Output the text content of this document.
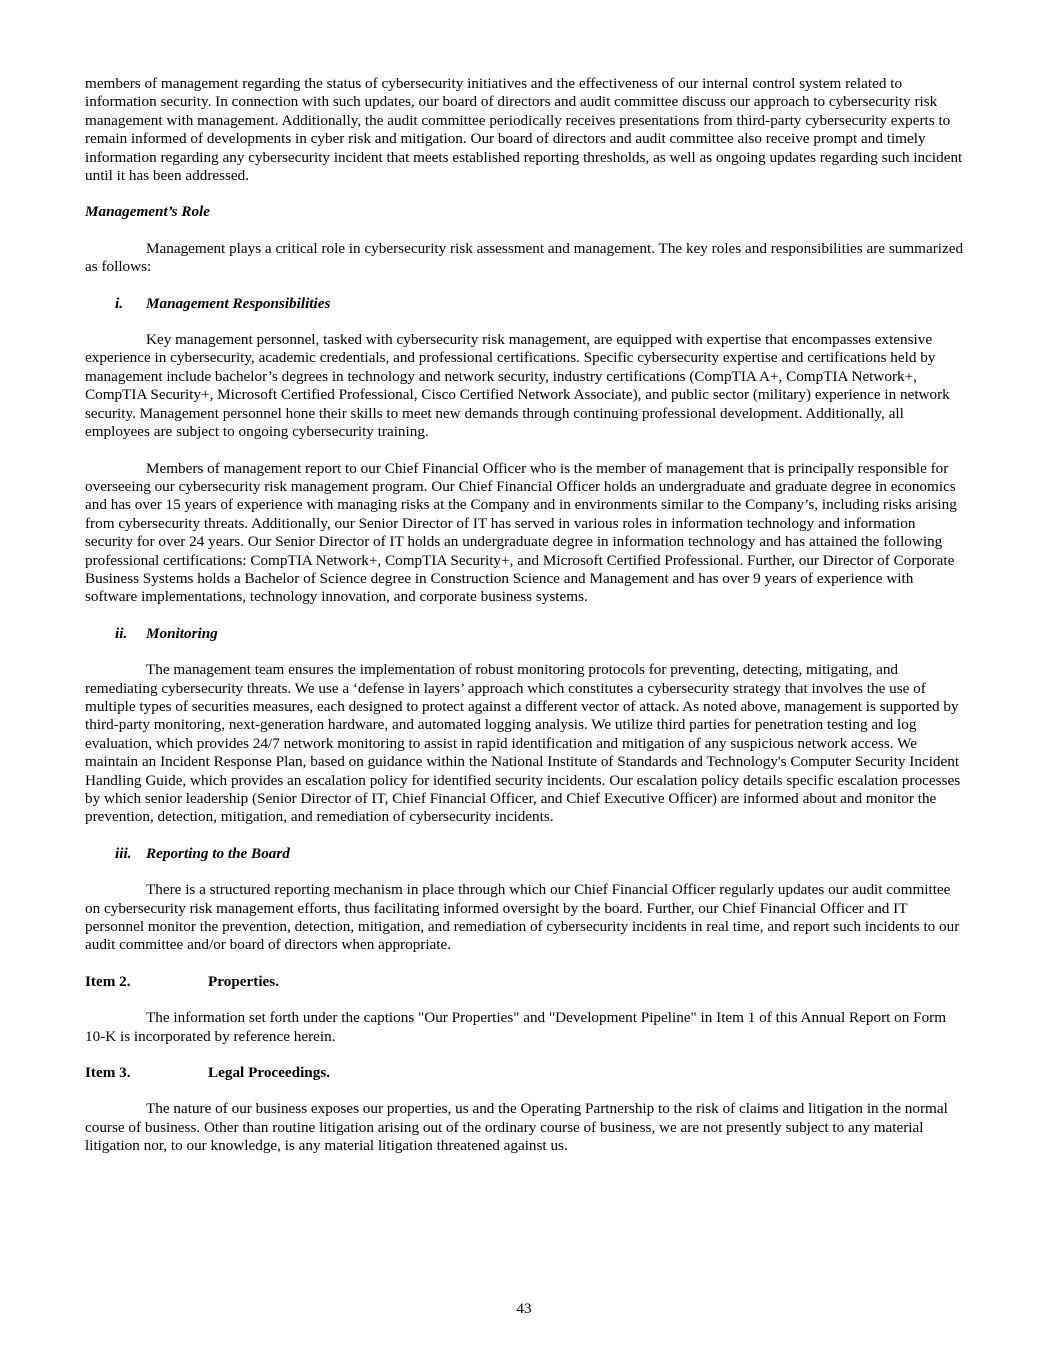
members of management regarding the status of cybersecurity initiatives and the effectiveness of our internal control system related to information security. In connection with such updates, our board of directors and audit committee discuss our approach to cybersecurity risk management with management. Additionally, the audit committee periodically receives presentations from third-party cybersecurity experts to remain informed of developments in cyber risk and mitigation. Our board of directors and audit committee also receive prompt and timely information regarding any cybersecurity incident that meets established reporting thresholds, as well as ongoing updates regarding such incident until it has been addressed.

Management’s Role

Management plays a critical role in cybersecurity risk assessment and management. The key roles and responsibilities are summarized as follows:

i.	Management Responsibilities

Key management personnel, tasked with cybersecurity risk management, are equipped with expertise that encompasses extensive experience in cybersecurity, academic credentials, and professional certifications. Specific cybersecurity expertise and certifications held by management include bachelor’s degrees in technology and network security, industry certifications (CompTIA A+, CompTIA Network+, CompTIA Security+, Microsoft Certified Professional, Cisco Certified Network Associate), and public sector (military) experience in network security. Management personnel hone their skills to meet new demands through continuing professional development. Additionally, all employees are subject to ongoing cybersecurity training.

Members of management report to our Chief Financial Officer who is the member of management that is principally responsible for overseeing our cybersecurity risk management program. Our Chief Financial Officer holds an undergraduate and graduate degree in economics and has over 15 years of experience with managing risks at the Company and in environments similar to the Company’s, including risks arising from cybersecurity threats. Additionally, our Senior Director of IT has served in various roles in information technology and information security for over 24 years. Our Senior Director of IT holds an undergraduate degree in information technology and has attained the following professional certifications: CompTIA Network+, CompTIA Security+, and Microsoft Certified Professional. Further, our Director of Corporate Business Systems holds a Bachelor of Science degree in Construction Science and Management and has over 9 years of experience with software implementations, technology innovation, and corporate business systems.

ii.	Monitoring

The management team ensures the implementation of robust monitoring protocols for preventing, detecting, mitigating, and remediating cybersecurity threats. We use a ‘defense in layers’ approach which constitutes a cybersecurity strategy that involves the use of multiple types of securities measures, each designed to protect against a different vector of attack. As noted above, management is supported by third-party monitoring, next-generation hardware, and automated logging analysis. We utilize third parties for penetration testing and log evaluation, which provides 24/7 network monitoring to assist in rapid identification and mitigation of any suspicious network access. We maintain an Incident Response Plan, based on guidance within the National Institute of Standards and Technology's Computer Security Incident Handling Guide, which provides an escalation policy for identified security incidents. Our escalation policy details specific escalation processes by which senior leadership (Senior Director of IT, Chief Financial Officer, and Chief Executive Officer) are informed about and monitor the prevention, detection, mitigation, and remediation of cybersecurity incidents.

iii. Reporting to the Board

There is a structured reporting mechanism in place through which our Chief Financial Officer regularly updates our audit committee on cybersecurity risk management efforts, thus facilitating informed oversight by the board. Further, our Chief Financial Officer and IT personnel monitor the prevention, detection, mitigation, and remediation of cybersecurity incidents in real time, and report such incidents to our audit committee and/or board of directors when appropriate.

Item 2.	Properties.

The information set forth under the captions "Our Properties" and "Development Pipeline" in Item 1 of this Annual Report on Form 10-K is incorporated by reference herein.

Item 3.	Legal Proceedings.

The nature of our business exposes our properties, us and the Operating Partnership to the risk of claims and litigation in the normal course of business. Other than routine litigation arising out of the ordinary course of business, we are not presently subject to any material litigation nor, to our knowledge, is any material litigation threatened against us.

43
